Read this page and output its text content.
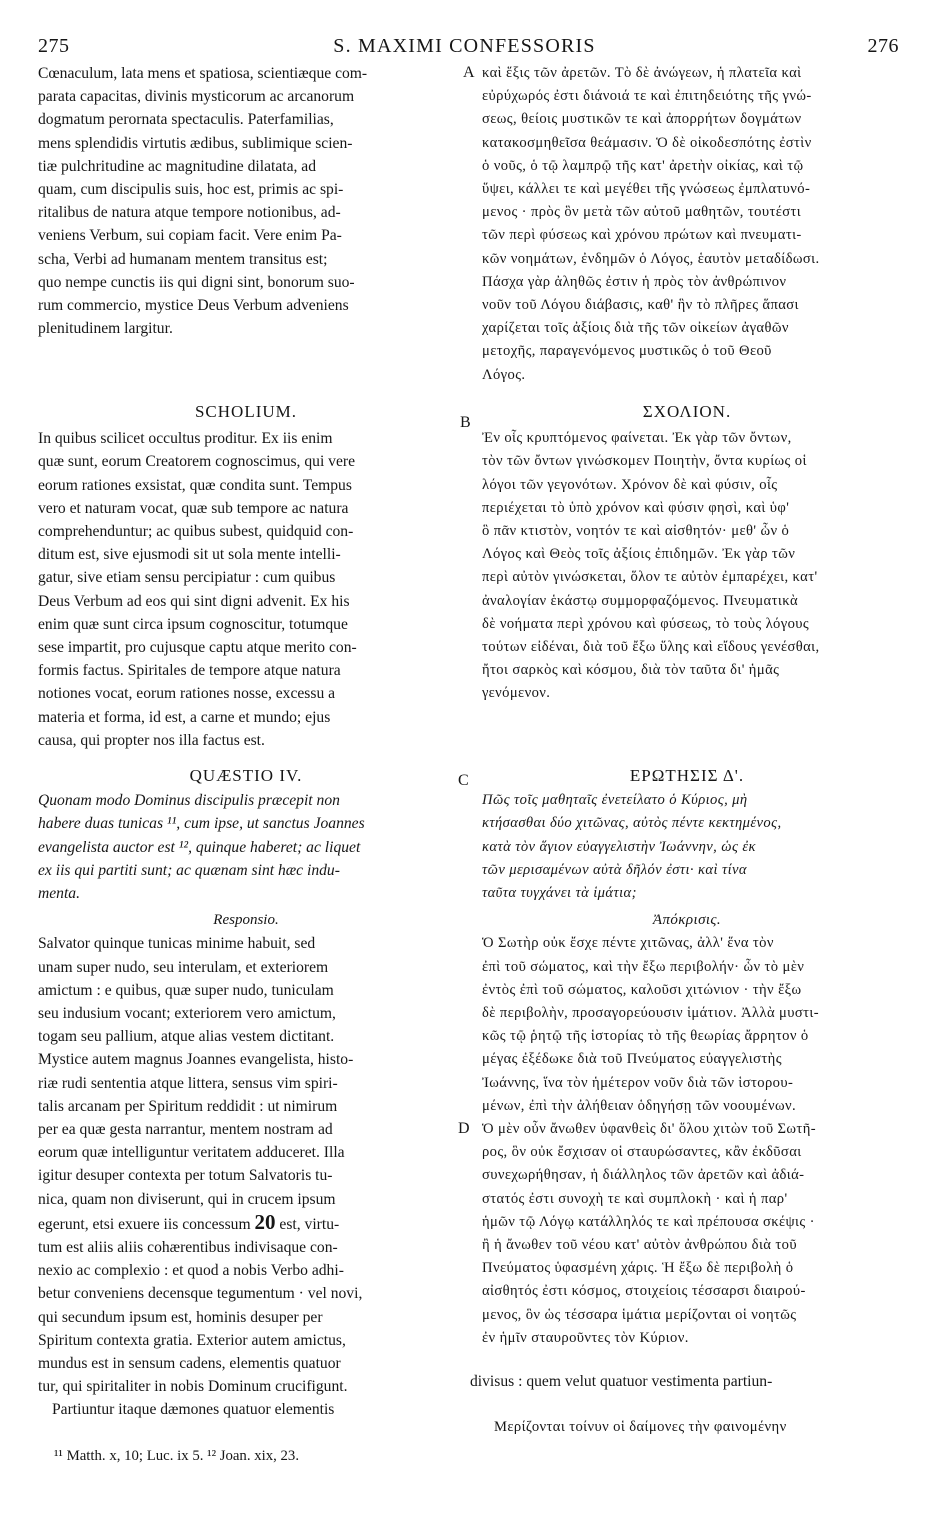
275	S. MAXIMI CONFESSORIS	276
A
B
C
D

Cœnaculum, lata mens et spatiosa, scientiæque com-

parata capacitas, divinis mysticorum ac arcanorum

dogmatum perornata spectaculis. Paterfamilias,

mens splendidis virtutis ædibus, sublimique scien-

tiæ pulchritudine ac magnitudine dilatata, ad

quam, cum discipulis suis, hoc est, primis ac spi-

ritalibus de natura atque tempore notionibus, ad-

veniens Verbum, sui copiam facit. Vere enim Pa-

scha, Verbi ad humanam mentem transitus est;

quo nempe cunctis iis qui digni sint, bonorum suo-

rum commercio, mystice Deus Verbum adveniens

plenitudinem largitur.

καὶ ἕξις τῶν ἀρετῶν. Τὸ δὲ ἀνώγεων, ἡ πλατεῖα καὶ

εὐρύχωρός ἐστι διάνοιά τε καὶ ἐπιτηδειότης τῆς γνώ-

σεως, θείοις μυστικῶν τε καὶ ἀπορρήτων δογμάτων

κατακοσμηθεῖσα θεάμασιν. Ὁ δὲ οἰκοδεσπότης ἐστὶν

ὁ νοῦς, ὁ τῷ λαμπρῷ τῆς κατ' ἀρετὴν οἰκίας, καὶ τῷ

ὕψει, κάλλει τε καὶ μεγέθει τῆς γνώσεως ἐμπλατυνό-

μενος · πρὸς ὃν μετὰ τῶν αὐτοῦ μαθητῶν, τουτέστι

τῶν περὶ φύσεως καὶ χρόνου πρώτων καὶ πνευματι-

κῶν νοημάτων, ἐνδημῶν ὁ Λόγος, ἑαυτὸν μεταδίδωσι.

Πάσχα γὰρ ἀληθῶς ἐστιν ἡ πρὸς τὸν ἀνθρώπινον

νοῦν τοῦ Λόγου διάβασις, καθ' ἣν τὸ πλῆρες ἅπασι

χαρίζεται τοῖς ἀξίοις διὰ τῆς τῶν οἰκείων ἀγαθῶν

μετοχῆς, παραγενόμενος μυστικῶς ὁ τοῦ Θεοῦ

Λόγος.

SCHOLIUM.

In quibus scilicet occultus proditur. Ex iis enim

quæ sunt, eorum Creatorem cognoscimus, qui vere

eorum rationes exsistat, quæ condita sunt. Tempus

vero et naturam vocat, quæ sub tempore ac natura

comprehenduntur; ac quibus subest, quidquid con-

ditum est, sive ejusmodi sit ut sola mente intelli-

gatur, sive etiam sensu percipiatur : cum quibus

Deus Verbum ad eos qui sint digni advenit. Ex his

enim quæ sunt circa ipsum cognoscitur, totumque

sese impartit, pro cujusque captu atque merito con-

formis factus. Spiritales de tempore atque natura

notiones vocat, eorum rationes nosse, excessu a

materia et forma, id est, a carne et mundo; ejus

causa, qui propter nos illa factus est.

ΣΧΟΛΙΟΝ.

Ἐν οἷς κρυπτόμενος φαίνεται. Ἐκ γὰρ τῶν ὄντων,

τὸν τῶν ὄντων γινώσκομεν Ποιητὴν, ὄντα κυρίως οἱ

λόγοι τῶν γεγονότων. Χρόνον δὲ καὶ φύσιν, οἷς

περιέχεται τὸ ὑπὸ χρόνον καὶ φύσιν φησὶ, καὶ ὑφ'

ὃ πᾶν κτιστὸν, νοητόν τε καὶ αἰσθητόν· μεθ' ὧν ὁ

Λόγος καὶ Θεὸς τοῖς ἀξίοις ἐπιδημῶν. Ἐκ γὰρ τῶν

περὶ αὐτὸν γινώσκεται, ὅλον τε αὐτὸν ἐμπαρέχει, κατ'

ἀναλογίαν ἑκάστῳ συμμορφαζόμενος. Πνευματικὰ

δὲ νοήματα περὶ χρόνου καὶ φύσεως, τὸ τοὺς λόγους

τούτων εἰδέναι, διὰ τοῦ ἔξω ὕλης καὶ εἴδους γενέσθαι,

ἤτοι σαρκὸς καὶ κόσμου, διὰ τὸν ταῦτα δι' ἡμᾶς

γενόμενον.

QUÆSTIO IV.

Quonam modo Dominus discipulis præcepit non

habere duas tunicas ¹¹, cum ipse, ut sanctus Joannes

evangelista auctor est ¹², quinque haberet; ac liquet

ex iis qui partiti sunt; ac quænam sint hæc indu-

menta.

Responsio.

Salvator quinque tunicas minime habuit, sed

unam super nudo, seu interulam, et exteriorem

amictum : e quibus, quæ super nudo, tuniculam

seu indusium vocant; exteriorem vero amictum,

togam seu pallium, atque alias vestem dictitant.

Mystice autem magnus Joannes evangelista, histo-

riæ rudi sententia atque littera, sensus vim spiri-

talis arcanam per Spiritum reddidit : ut nimirum

per ea quæ gesta narrantur, mentem nostram ad

eorum quæ intelliguntur veritatem adduceret. Illa

igitur desuper contexta per totum Salvatoris tu-

nica, quam non diviserunt, qui in crucem ipsum

egerunt, etsi exuere iis concessum 20 est, virtu-

tum est aliis aliis cohærentibus indivisaque con-

nexio ac complexio : et quod a nobis Verbo adhi-

betur conveniens decensque tegumentum · vel novi,

qui secundum ipsum est, hominis desuper per

Spiritum contexta gratia. Exterior autem amictus,

mundus est in sensum cadens, elementis quatuor

tur, qui spiritaliter in nobis Dominum crucifigunt.

Partiuntur itaque dæmones quatuor elementis

ΕΡΩΤΗΣΙΣ Δ'.

Πῶς τοῖς μαθηταῖς ἐνετείλατο ὁ Κύριος, μὴ

κτήσασθαι δύο χιτῶνας, αὐτὸς πέντε κεκτημένος,

κατὰ τὸν ἅγιον εὐαγγελιστὴν Ἰωάννην, ὡς ἐκ

τῶν μερισαμένων αὐτὰ δῆλόν ἐστι· καὶ τίνα

ταῦτα τυγχάνει τὰ ἱμάτια;

Ἀπόκρισις.

Ὁ Σωτὴρ οὐκ ἔσχε πέντε χιτῶνας, ἀλλ' ἕνα τὸν

ἐπὶ τοῦ σώματος, καὶ τὴν ἔξω περιβολήν· ὧν τὸ μὲν

ἐντὸς ἐπὶ τοῦ σώματος, καλοῦσι χιτώνιον · τὴν ἔξω

δὲ περιβολὴν, προσαγορεύουσιν ἱμάτιον. Ἀλλὰ μυστι-

κῶς τῷ ῥητῷ τῆς ἱστορίας τὸ τῆς θεωρίας ἄρρητον ὁ

μέγας ἐξέδωκε διὰ τοῦ Πνεύματος εὐαγγελιστὴς

Ἰωάννης, ἵνα τὸν ἡμέτερον νοῦν διὰ τῶν ἱστορου-

μένων, ἐπὶ τὴν ἀλήθειαν ὁδηγήσῃ τῶν νοουμένων.

Ὁ μὲν οὖν ἄνωθεν ὑφανθεὶς δι' ὅλου χιτὼν τοῦ Σωτῆ-

ρος, ὃν οὐκ ἔσχισαν οἱ σταυρώσαντες, κἂν ἐκδῦσαι

συνεχωρήθησαν, ἡ διάλληλος τῶν ἀρετῶν καὶ ἀδιά-

στατός ἐστι συνοχὴ τε καὶ συμπλοκὴ · καὶ ἡ παρ'

ἡμῶν τῷ Λόγῳ κατάλληλός τε καὶ πρέπουσα σκέψις ·

ἢ ἡ ἄνωθεν τοῦ νέου κατ' αὐτὸν ἀνθρώπου διὰ τοῦ

Πνεύματος ὑφασμένη χάρις. Ἡ ἔξω δὲ περιβολὴ ὁ

αἰσθητός ἐστι κόσμος, στοιχείοις τέσσαρσι διαιρού-

μενος, ὃν ὡς τέσσαρα ἱμάτια μερίζονται οἱ νοητῶς

ἐν ἡμῖν σταυροῦντες τὸν Κύριον.

divisus : quem velut quatuor vestimenta partiun-
Μερίζονται τοίνυν οἱ δαίμονες τὴν φαινομένην
¹¹ Matth. x, 10; Luc. ix 5. ¹² Joan. xix, 23.
